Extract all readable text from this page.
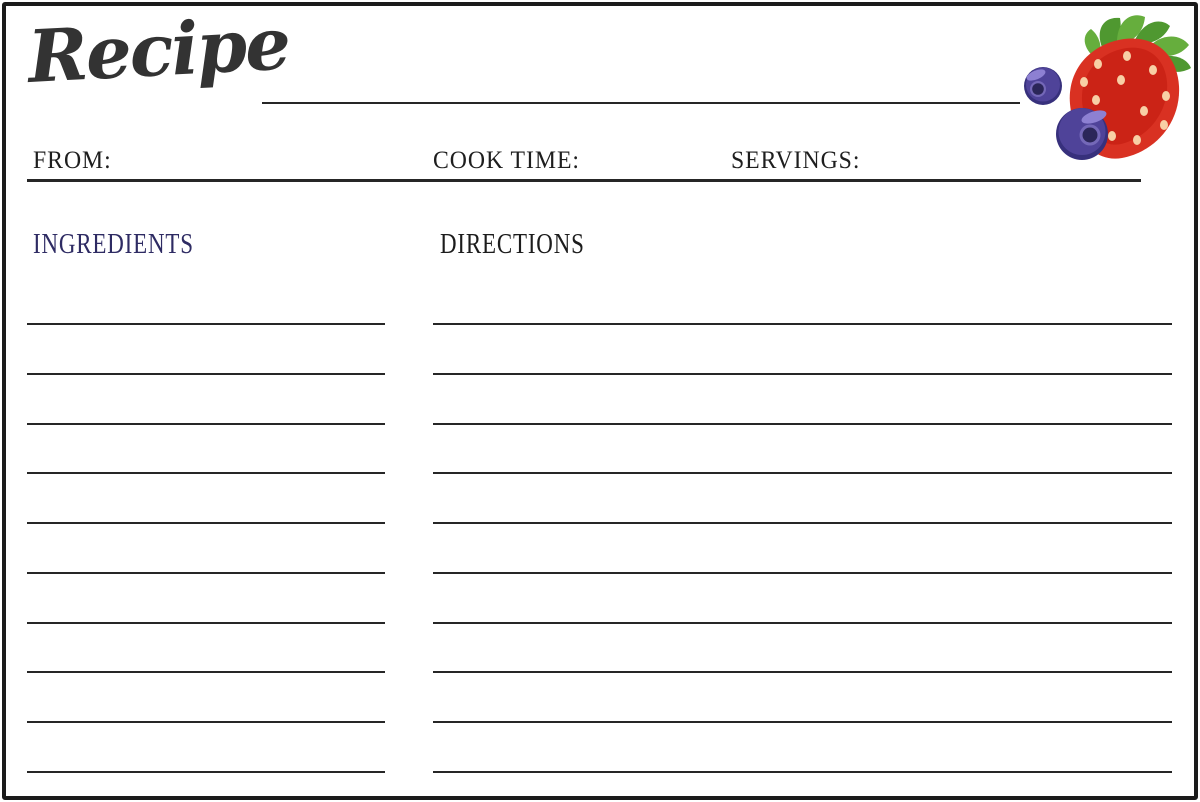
Recipe
FROM:	COOK TIME:	SERVINGS:
INGREDIENTS	DIRECTIONS
